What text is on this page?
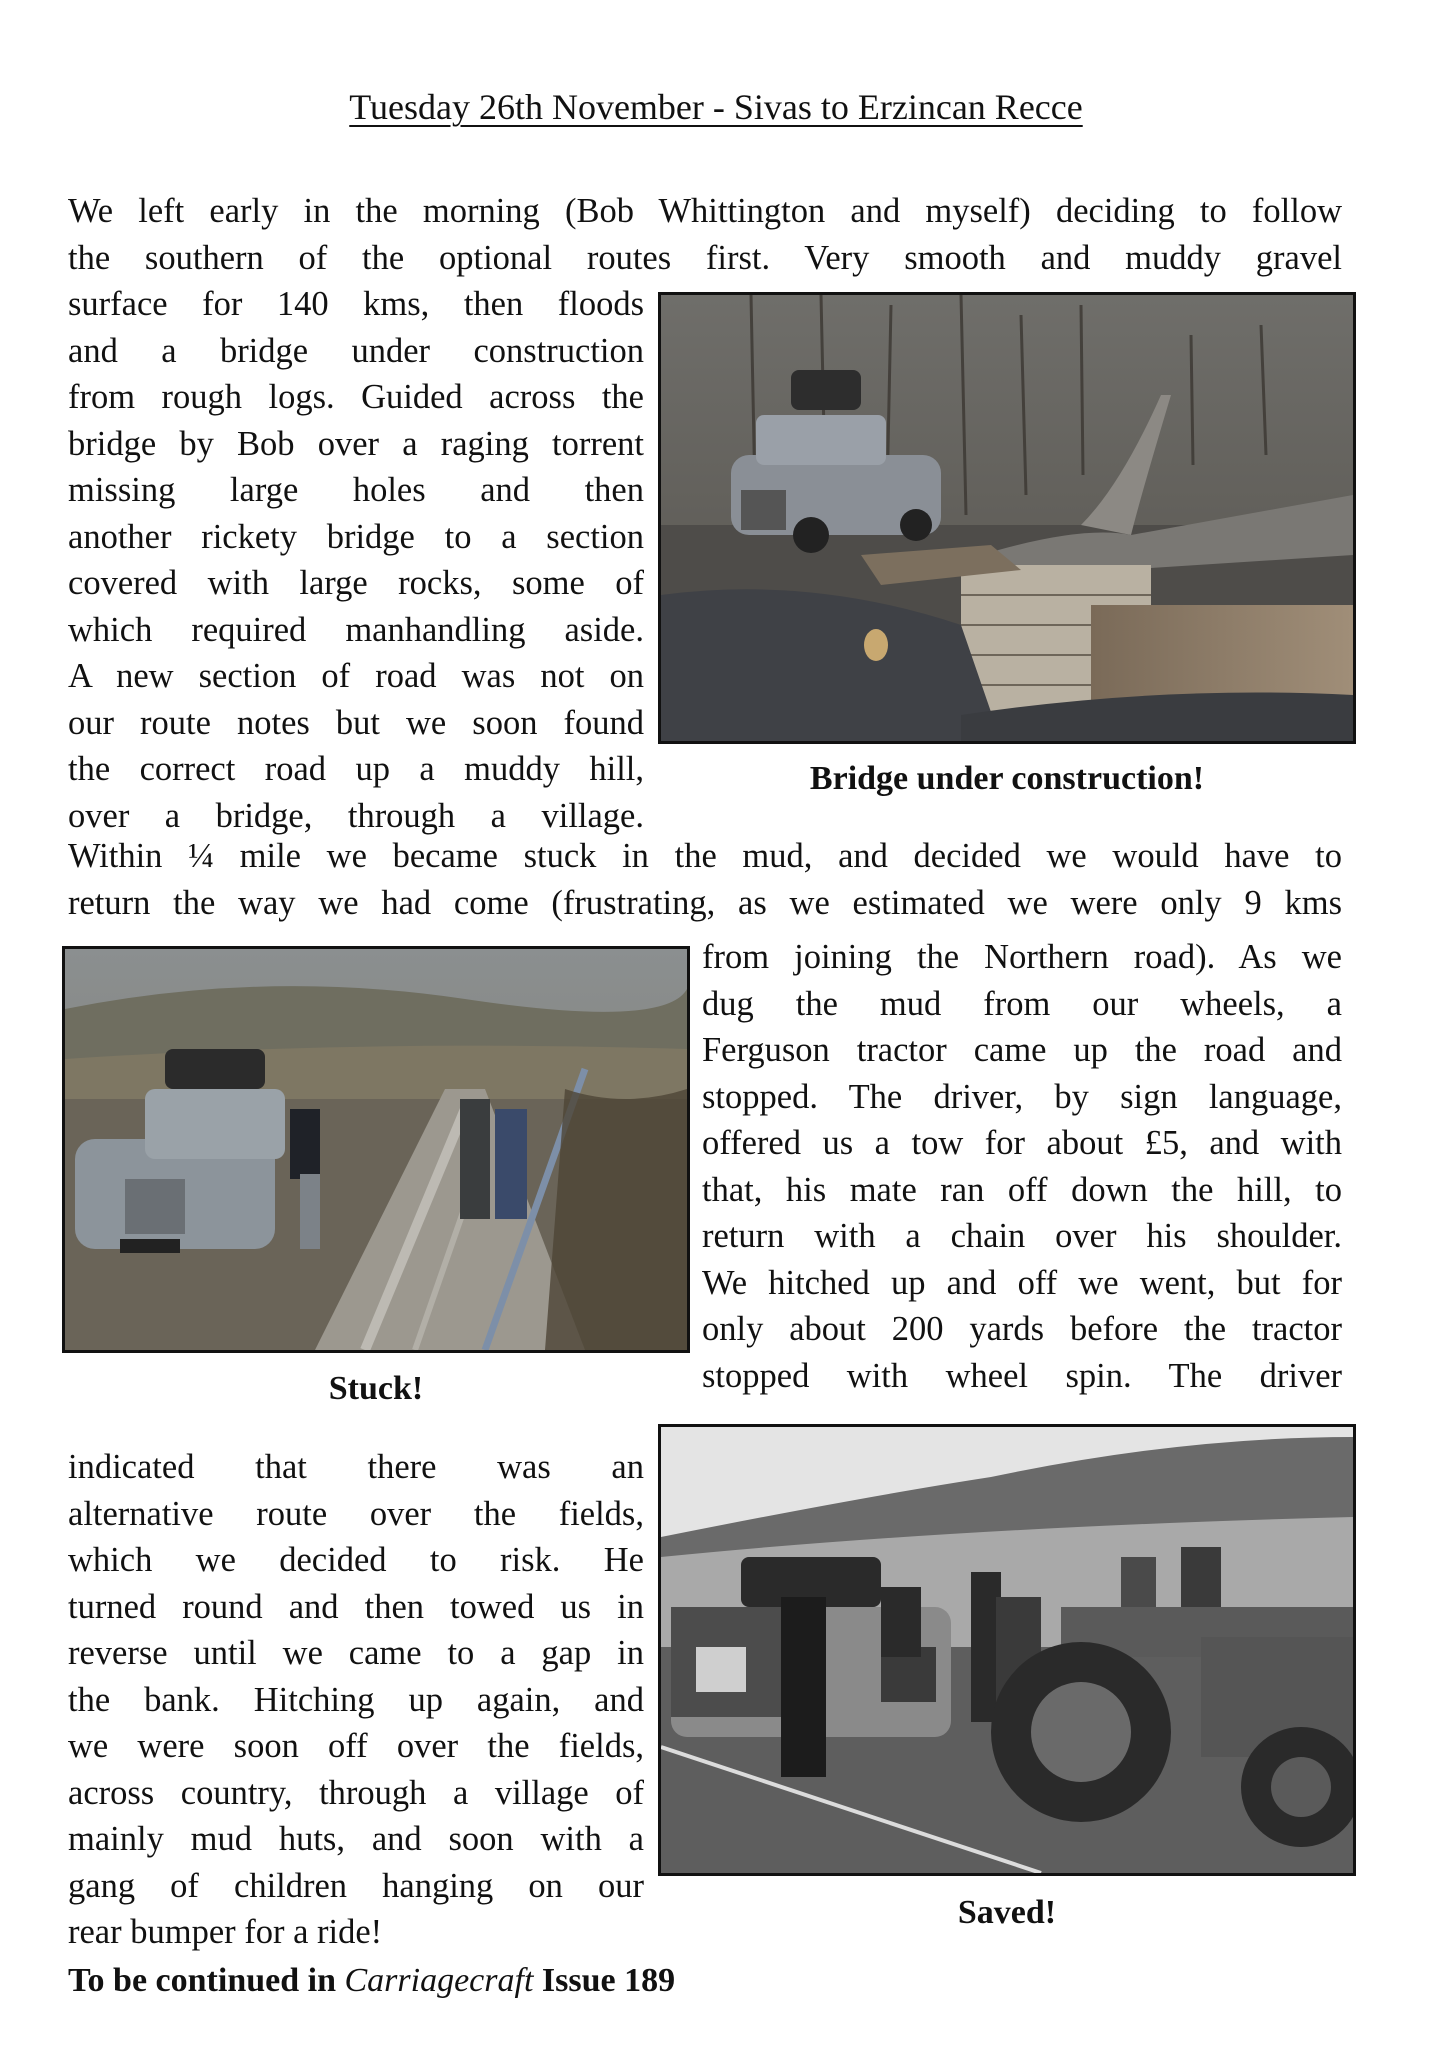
Tuesday 26th November - Sivas to Erzincan Recce
We left early in the morning (Bob Whittington and myself) deciding to follow
the southern of the optional routes first. Very smooth and muddy gravel
surface for 140 kms, then floods
and a bridge under construction
from rough logs. Guided across the
bridge by Bob over a raging torrent
missing large holes and then
another rickety bridge to a section
covered with large rocks, some of
which required manhandling aside.
A new section of road was not on
our route notes but we soon found
the correct road up a muddy hill,
over a bridge, through a village.
Bridge under construction!
Within ¼ mile we became stuck in the mud, and decided we would have to
return the way we had come (frustrating, as we estimated we were only 9 kms
Stuck!
from joining the Northern road). As we
dug the mud from our wheels, a
Ferguson tractor came up the road and
stopped. The driver, by sign language,
offered us a tow for about £5, and with
that, his mate ran off down the hill, to
return with a chain over his shoulder.
We hitched up and off we went, but for
only about 200 yards before the tractor
stopped with wheel spin. The driver
indicated that there was an
alternative route over the fields,
which we decided to risk. He
turned round and then towed us in
reverse until we came to a gap in
the bank. Hitching up again, and
we were soon off over the fields,
across country, through a village of
mainly mud huts, and soon with a
gang of children hanging on our
rear bumper for a ride!
Saved!
To be continued in Carriagecraft Issue 189
